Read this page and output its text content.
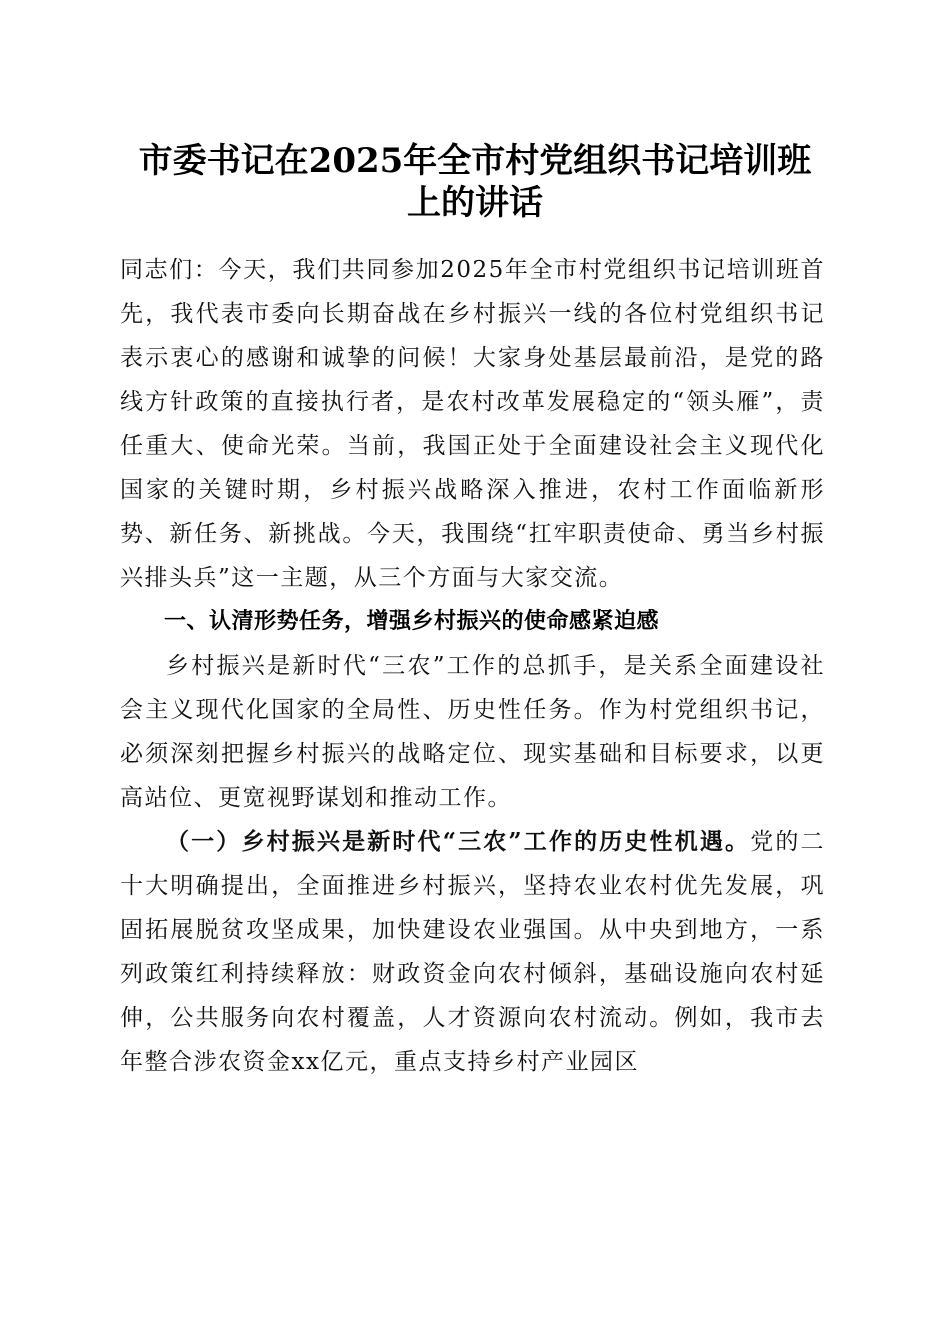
市委书记在2025年全市村党组织书记培训班
上的讲话

同志们：今天，我们共同参加2025年全市村党组织书记培训班首先，我代表市委向长期奋战在乡村振兴一线的各位村党组织书记表示衷心的感谢和诚挚的问候！大家身处基层最前沿，是党的路线方针政策的直接执行者，是农村改革发展稳定的“领头雁”，责任重大、使命光荣。当前，我国正处于全面建设社会主义现代化国家的关键时期，乡村振兴战略深入推进，农村工作面临新形势、新任务、新挑战。今天，我围绕“扛牢职责使命、勇当乡村振兴排头兵”这一主题，从三个方面与大家交流。

一、认清形势任务，增强乡村振兴的使命感紧迫感

乡村振兴是新时代“三农”工作的总抓手，是关系全面建设社会主义现代化国家的全局性、历史性任务。作为村党组织书记，必须深刻把握乡村振兴的战略定位、现实基础和目标要求，以更高站位、更宽视野谋划和推动工作。

（一）乡村振兴是新时代“三农”工作的历史性机遇。党的二十大明确提出，全面推进乡村振兴，坚持农业农村优先发展，巩固拓展脱贫攻坚成果，加快建设农业强国。从中央到地方，一系列政策红利持续释放：财政资金向农村倾斜，基础设施向农村延伸，公共服务向农村覆盖，人才资源向农村流动。例如，我市去年整合涉农资金xx亿元，重点支持乡村产业园区
